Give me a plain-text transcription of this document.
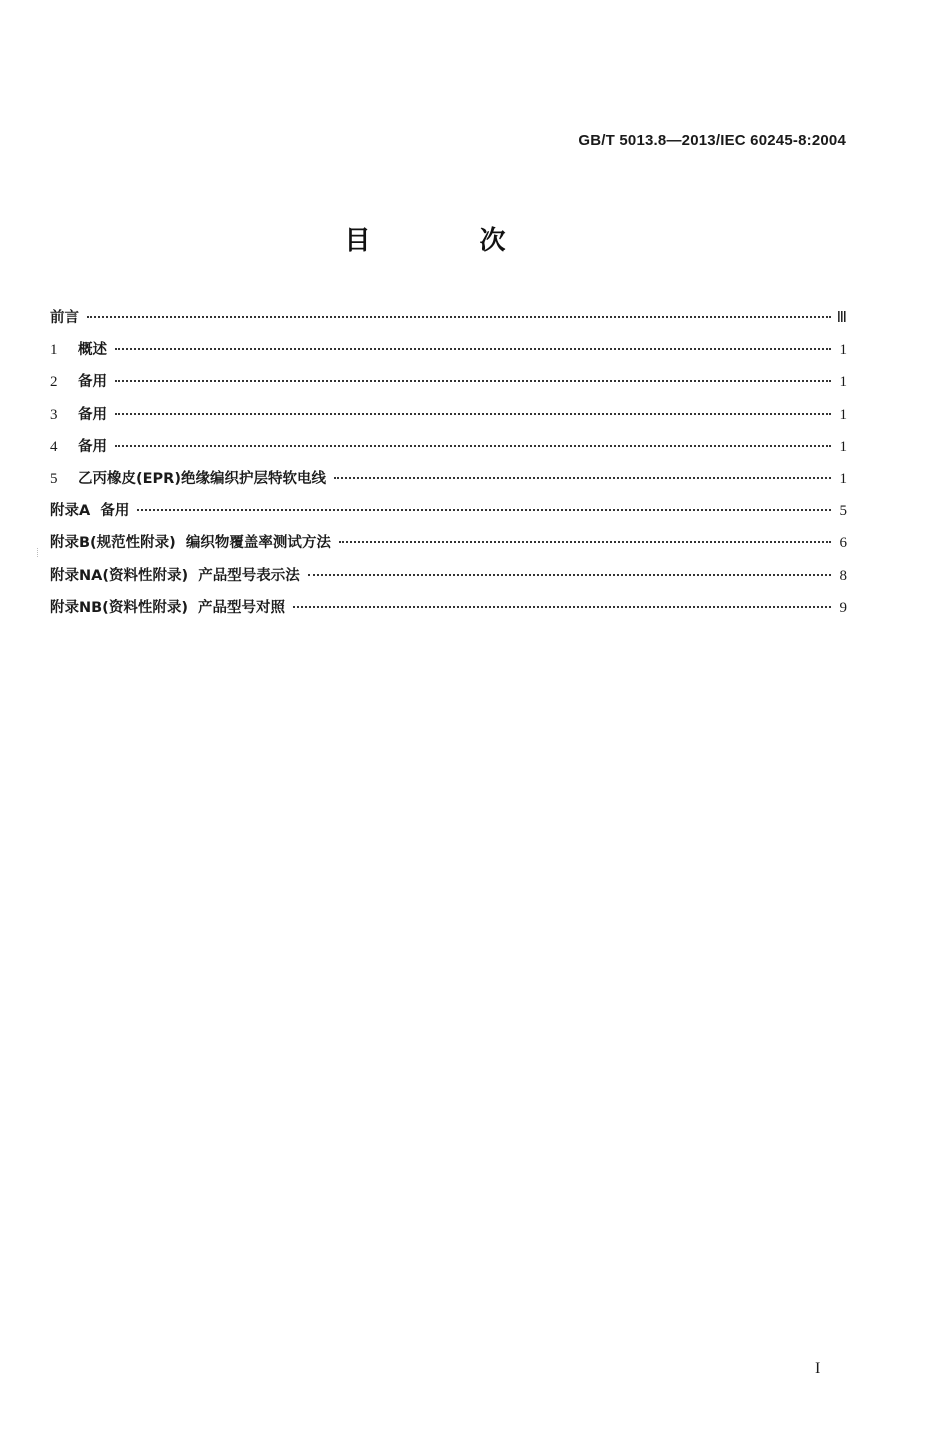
GB/T 5013.8—2013/IEC 60245-8:2004
目 次
前言	Ⅲ
1	概述	1
2	备用	1
3	备用	1
4	备用	1
5	乙丙橡皮(EPR)绝缘编织护层特软电线	1
附录A  备用	5
附录B(规范性附录)  编织物覆盖率测试方法	6
附录NA(资料性附录)  产品型号表示法	8
附录NB(资料性附录)  产品型号对照	9
I
